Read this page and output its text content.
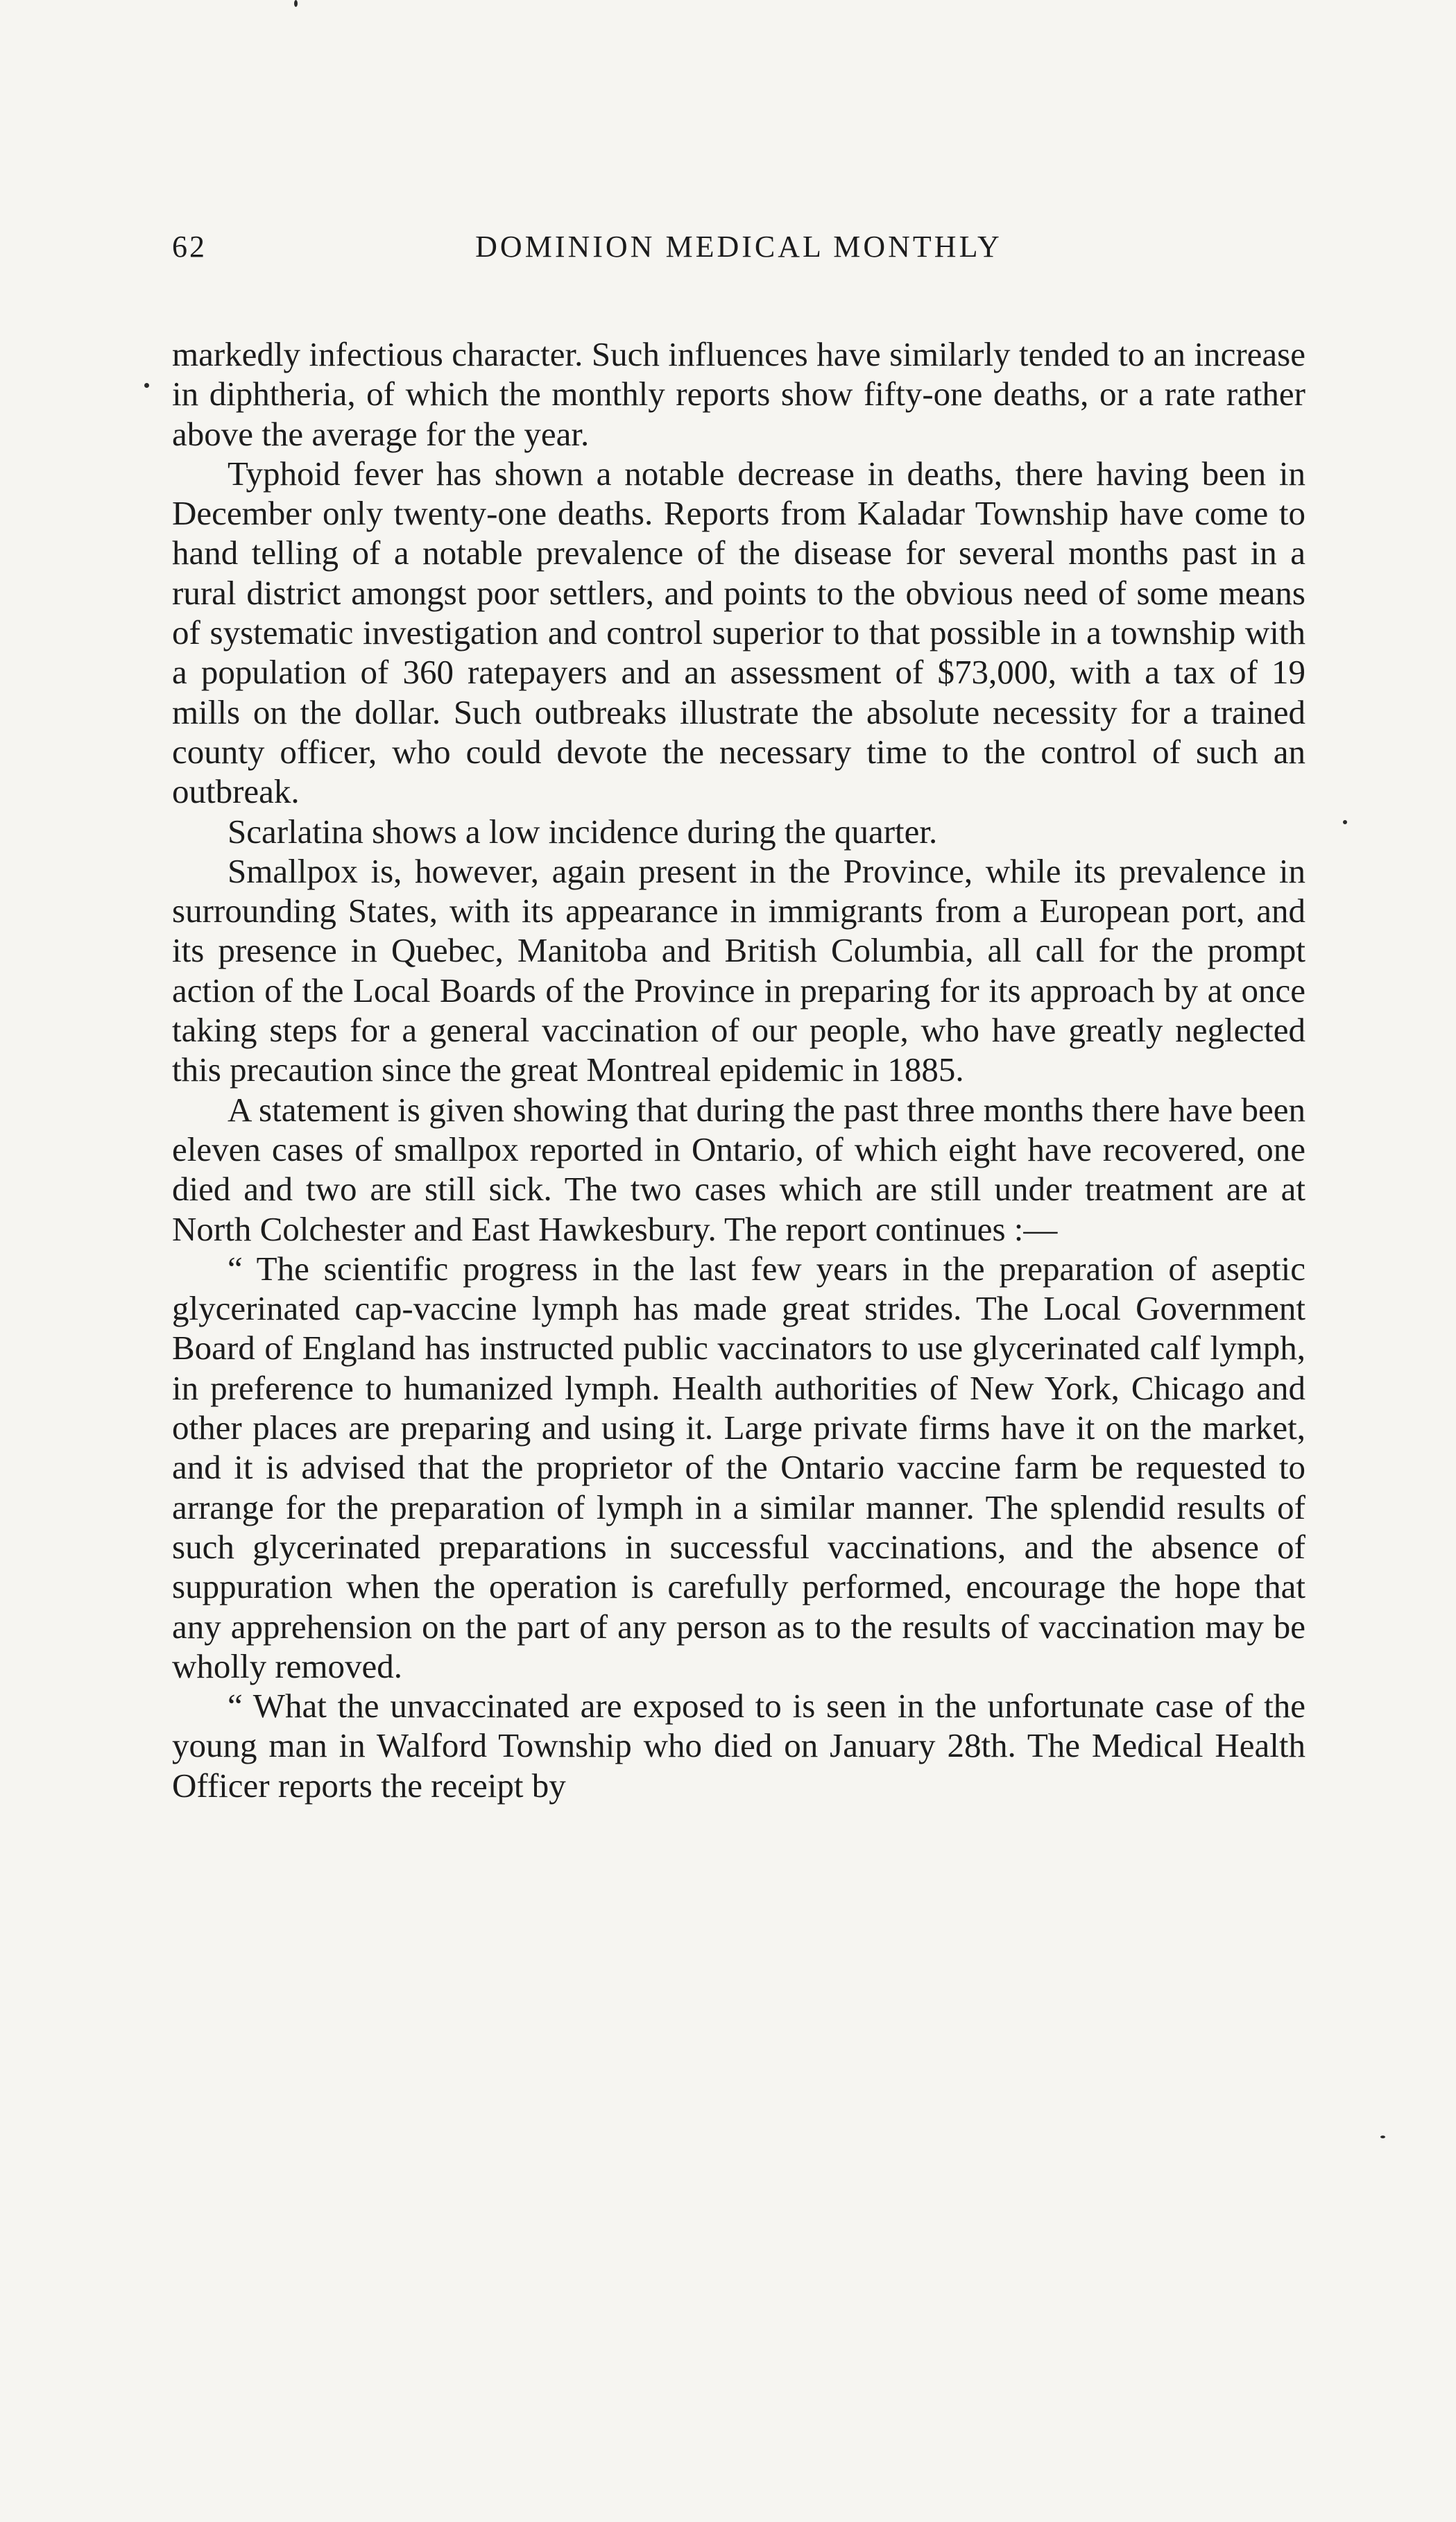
62	DOMINION MEDICAL MONTHLY

markedly infectious character. Such influences have similarly tended to an increase in diphtheria, of which the monthly reports show fifty-one deaths, or a rate rather above the average for the year.

Typhoid fever has shown a notable decrease in deaths, there having been in December only twenty-one deaths. Reports from Kaladar Township have come to hand telling of a notable prevalence of the disease for several months past in a rural district amongst poor settlers, and points to the obvious need of some means of systematic investigation and control superior to that possible in a township with a population of 360 ratepayers and an assessment of $73,000, with a tax of 19 mills on the dollar. Such outbreaks illustrate the absolute necessity for a trained county officer, who could devote the necessary time to the control of such an outbreak.

Scarlatina shows a low incidence during the quarter.

Smallpox is, however, again present in the Province, while its prevalence in surrounding States, with its appearance in immigrants from a European port, and its presence in Quebec, Manitoba and British Columbia, all call for the prompt action of the Local Boards of the Province in preparing for its approach by at once taking steps for a general vaccination of our people, who have greatly neglected this precaution since the great Montreal epidemic in 1885.

A statement is given showing that during the past three months there have been eleven cases of smallpox reported in Ontario, of which eight have recovered, one died and two are still sick. The two cases which are still under treatment are at North Colchester and East Hawkesbury. The report continues :—

“ The scientific progress in the last few years in the preparation of aseptic glycerinated cap-vaccine lymph has made great strides. The Local Government Board of England has instructed public vaccinators to use glycerinated calf lymph, in preference to humanized lymph. Health authorities of New York, Chicago and other places are preparing and using it. Large private firms have it on the market, and it is advised that the proprietor of the Ontario vaccine farm be requested to arrange for the preparation of lymph in a similar manner. The splendid results of such glycerinated preparations in successful vaccinations, and the absence of suppuration when the operation is carefully performed, encourage the hope that any apprehension on the part of any person as to the results of vaccination may be wholly removed.

“ What the unvaccinated are exposed to is seen in the unfortunate case of the young man in Walford Township who died on January 28th. The Medical Health Officer reports the receipt by
